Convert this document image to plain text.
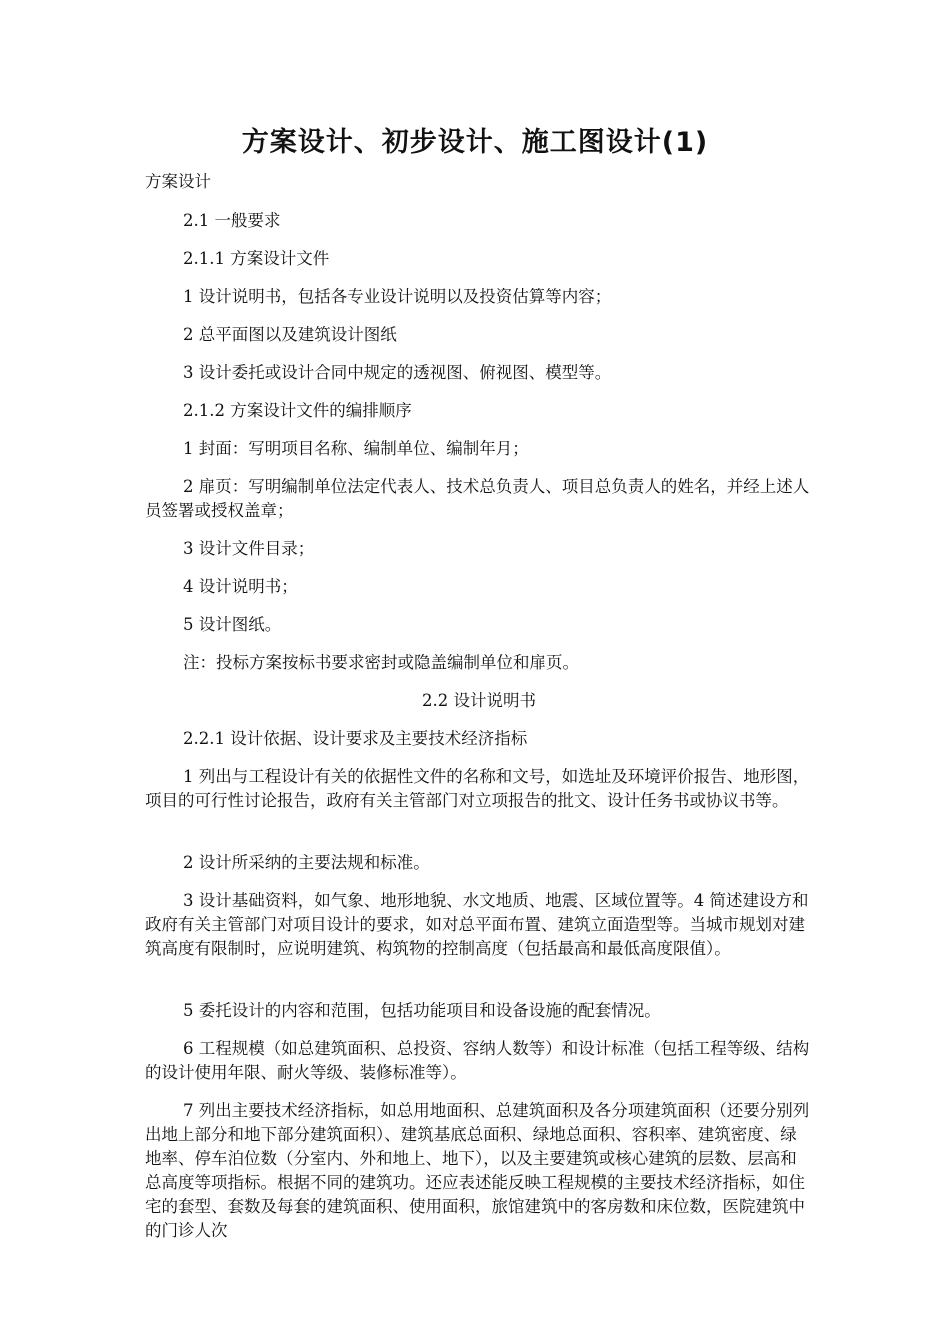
方案设计、初步设计、施工图设计(1)

方案设计

2.1 一般要求

2.1.1 方案设计文件

1 设计说明书，包括各专业设计说明以及投资估算等内容；

2 总平面图以及建筑设计图纸

3 设计委托或设计合同中规定的透视图、俯视图、模型等。

2.1.2 方案设计文件的编排顺序

1 封面：写明项目名称、编制单位、编制年月；

2 扉页：写明编制单位法定代表人、技术总负责人、项目总负责人的姓名，并经上述人员签署或授权盖章；

3 设计文件目录；

4 设计说明书；

5 设计图纸。

注：投标方案按标书要求密封或隐盖编制单位和扉页。

2.2 设计说明书

2.2.1 设计依据、设计要求及主要技术经济指标

1 列出与工程设计有关的依据性文件的名称和文号，如选址及环境评价报告、地形图，项目的可行性讨论报告，政府有关主管部门对立项报告的批文、设计任务书或协议书等。

2 设计所采纳的主要法规和标准。

3 设计基础资料，如气象、地形地貌、水文地质、地震、区域位置等。4 简述建设方和政府有关主管部门对项目设计的要求，如对总平面布置、建筑立面造型等。当城市规划对建筑高度有限制时，应说明建筑、构筑物的控制高度（包括最高和最低高度限值）。

5 委托设计的内容和范围，包括功能项目和设备设施的配套情况。

6 工程规模（如总建筑面积、总投资、容纳人数等）和设计标准（包括工程等级、结构的设计使用年限、耐火等级、装修标准等）。

7 列出主要技术经济指标，如总用地面积、总建筑面积及各分项建筑面积（还要分别列出地上部分和地下部分建筑面积）、建筑基底总面积、绿地总面积、容积率、建筑密度、绿地率、停车泊位数（分室内、外和地上、地下），以及主要建筑或核心建筑的层数、层高和总高度等项指标。根据不同的建筑功。还应表述能反映工程规模的主要技术经济指标，如住宅的套型、套数及每套的建筑面积、使用面积，旅馆建筑中的客房数和床位数，医院建筑中的门诊人次
